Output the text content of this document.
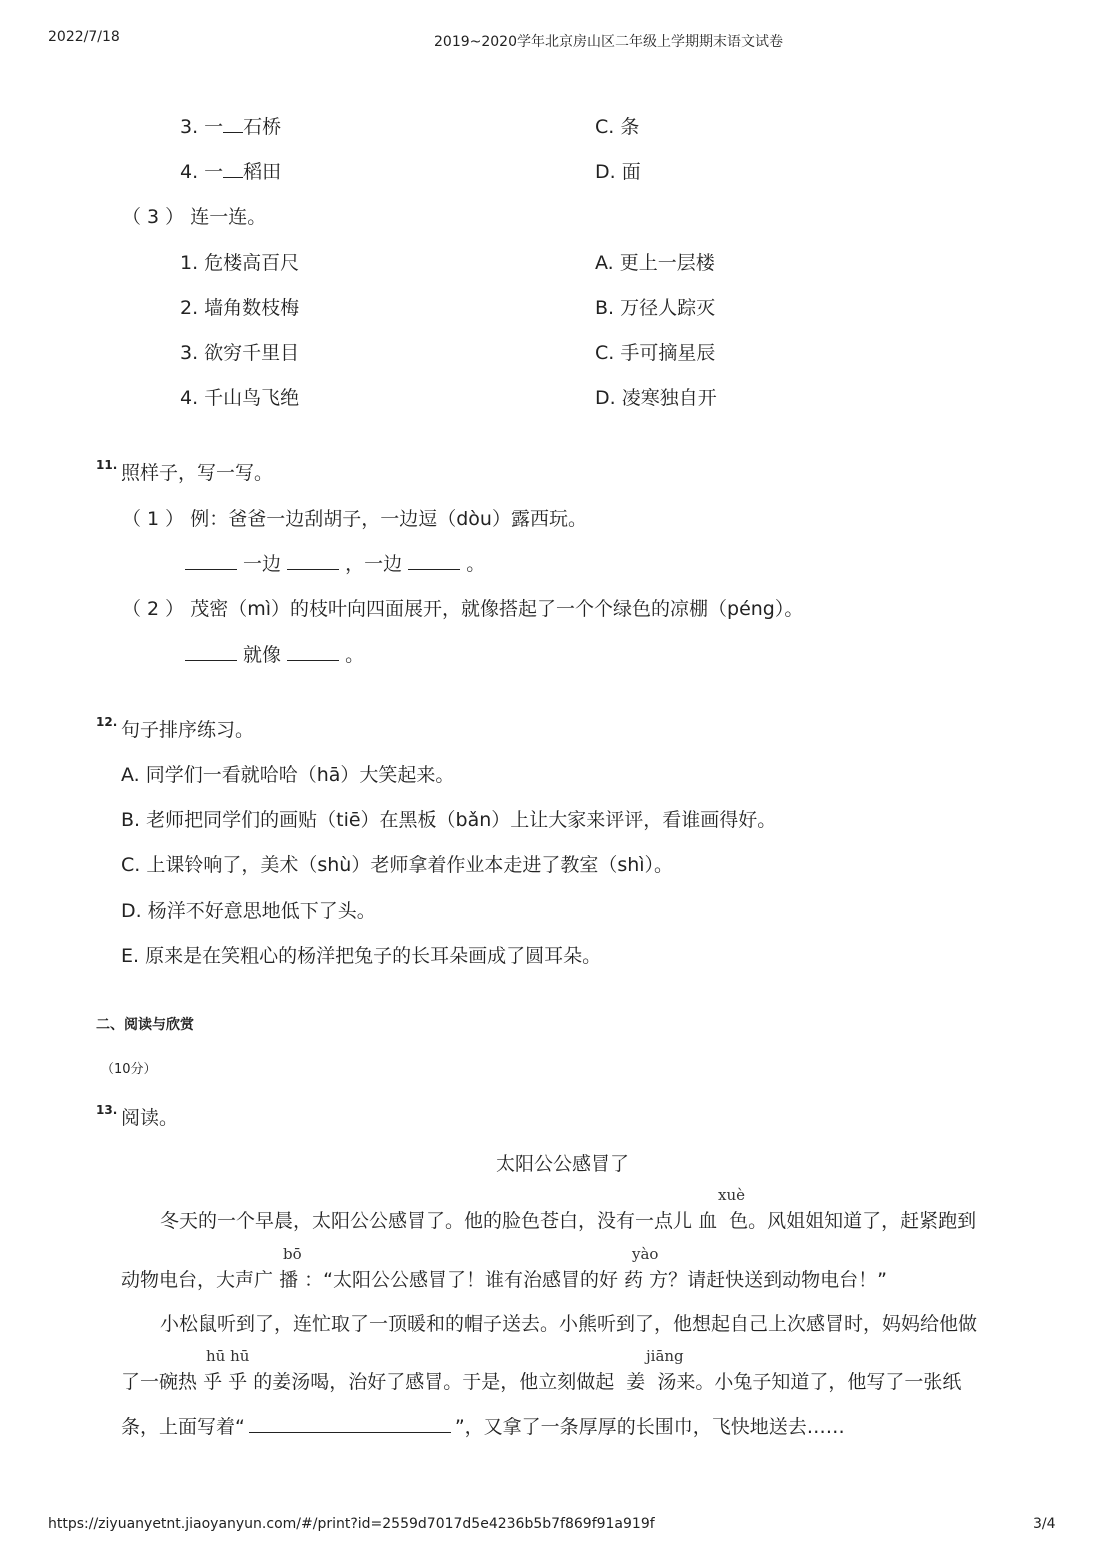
2022/7/18	2019~2020学年北京房山区二年级上学期期末语文试卷
3. 一 石桥	C. 条
4. 一 稻田	D. 面
（ 3 ） 连一连。
1. 危楼高百尺	A. 更上一层楼
2. 墙角数枝梅	B. 万径人踪灭
3. 欲穷千里目	C. 手可摘星辰
4. 千山鸟飞绝	D. 凌寒独自开
11. 照样子，写一写。
（ 1 ） 例：爸爸一边刮胡子，一边逗（dòu）露西玩。
一边	，一边	。
（ 2 ） 茂密（mì）的枝叶向四面展开，就像搭起了一个个绿色的凉棚（péng）。
就像	。
12. 句子排序练习。
A. 同学们一看就哈哈（hā）大笑起来。
B. 老师把同学们的画贴（tiē）在黑板（bǎn）上让大家来评评，看谁画得好。
C. 上课铃响了，美术（shù）老师拿着作业本走进了教室（shì）。
D. 杨洋不好意思地低下了头。
E. 原来是在笑粗心的杨洋把兔子的长耳朵画成了圆耳朵。
二、阅读与欣赏
（10分）
13. 阅读。
太阳公公感冒了
xuè
bō	yào
hū hū	jiāng
冬天的一个早晨，太阳公公感冒了。他的脸色苍白，没有一点儿 血 色。风姐姐知道了，赶紧跑到
动物电台，大声广 播 ：“太阳公公感冒了！谁有治感冒的好 药 方？请赶快送到动物电台！”
小松鼠听到了，连忙取了一顶暖和的帽子送去。小熊听到了，他想起自己上次感冒时，妈妈给他做
了一碗热 乎 乎 的姜汤喝，治好了感冒。于是，他立刻做起 姜 汤来。小兔子知道了，他写了一张纸
条，上面写着“	”，又拿了一条厚厚的长围巾，飞快地送去……
https://ziyuanyetnt.jiaoyanyun.com/#/print?id=2559d7017d5e4236b5b7f869f91a919f	3/4
